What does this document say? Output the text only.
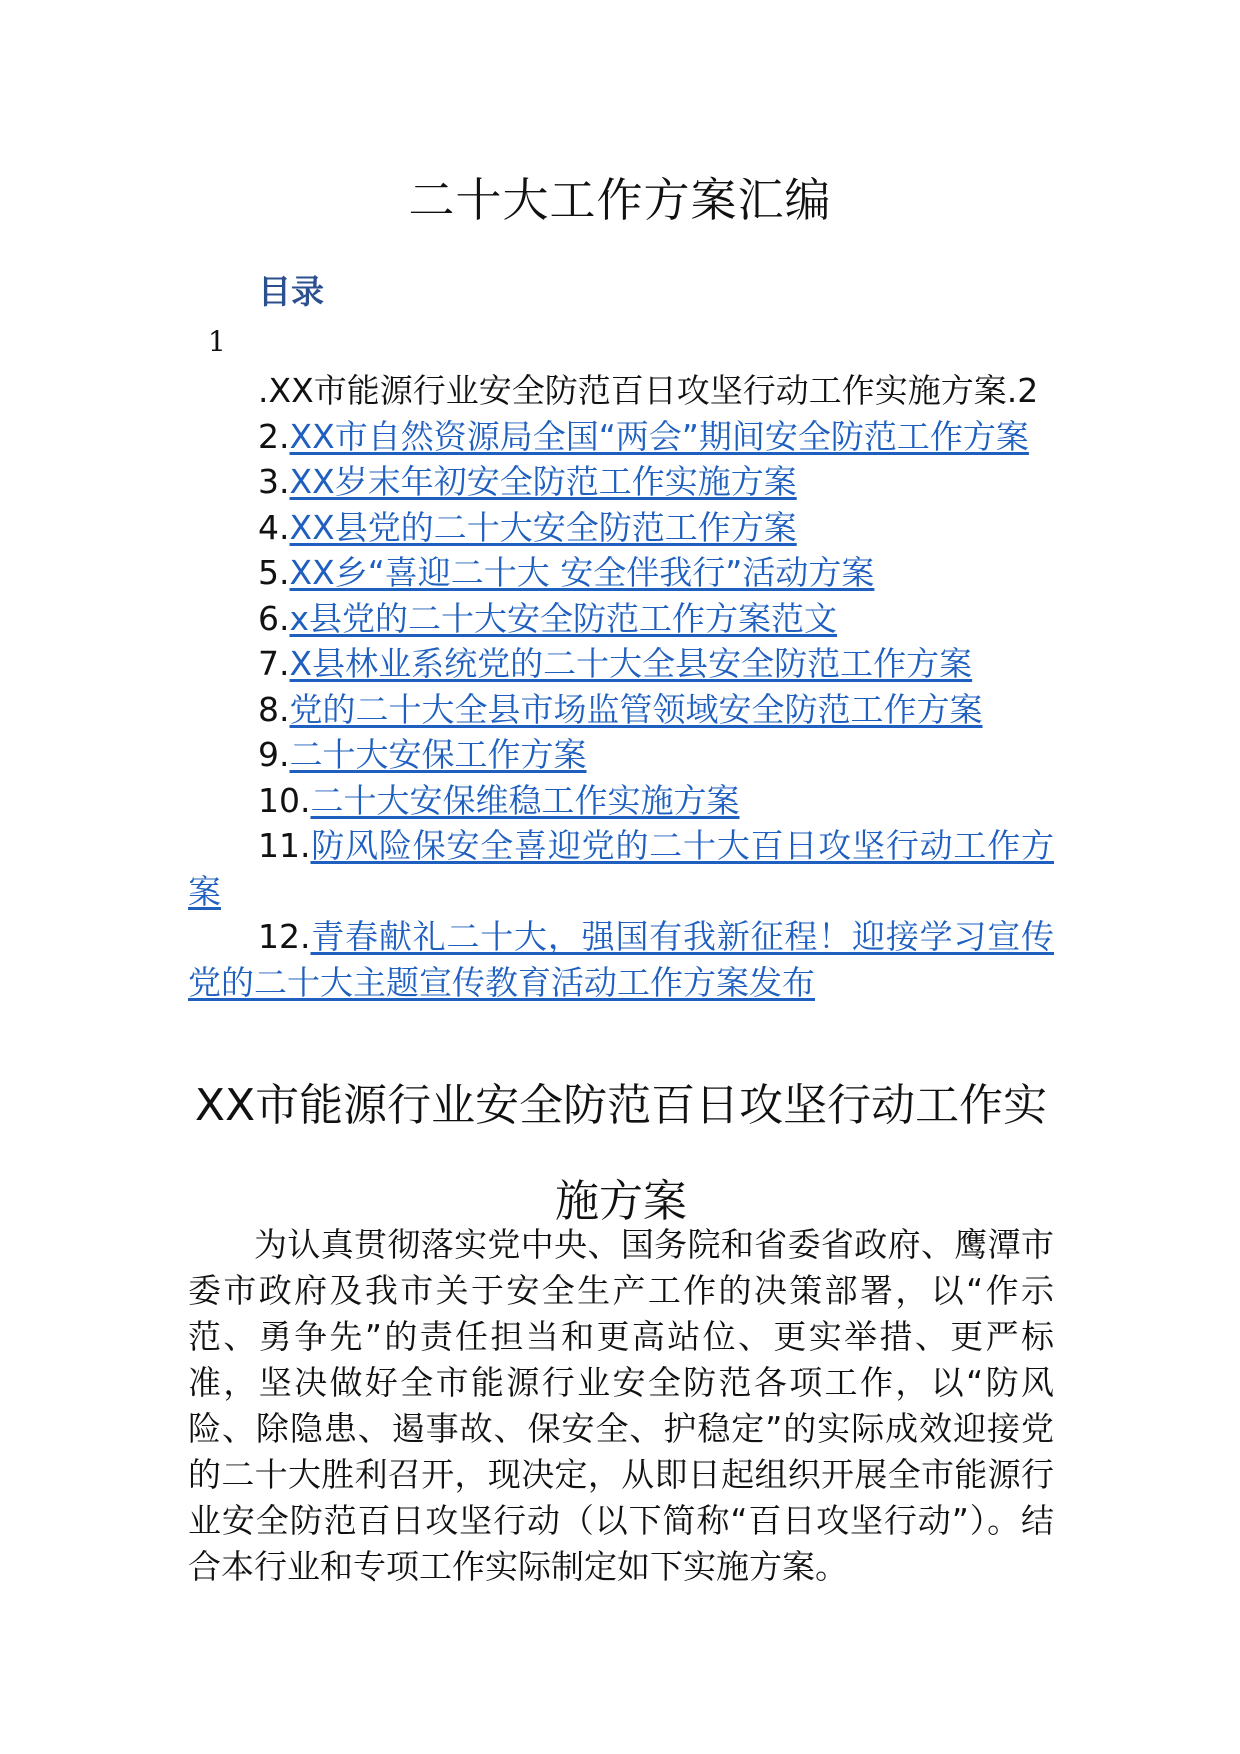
二十大工作方案汇编
目录
1

.XX市能源行业安全防范百日攻坚行动工作实施方案.2

2.XX市自然资源局全国“两会”期间安全防范工作方案

3.XX岁末年初安全防范工作实施方案

4.XX县党的二十大安全防范工作方案

5.XX乡“喜迎二十大 安全伴我行”活动方案

6.x县党的二十大安全防范工作方案范文

7.X县林业系统党的二十大全县安全防范工作方案

8.党的二十大全县市场监管领域安全防范工作方案

9.二十大安保工作方案

10.二十大安保维稳工作实施方案

11.防风险保安全喜迎党的二十大百日攻坚行动工作方案

12.青春献礼二十大，强国有我新征程！迎接学习宣传党的二十大主题宣传教育活动工作方案发布

XX市能源行业安全防范百日攻坚行动工作实施方案

为认真贯彻落实党中央、国务院和省委省政府、鹰潭市委市政府及我市关于安全生产工作的决策部署，以“作示范、勇争先”的责任担当和更高站位、更实举措、更严标准，坚决做好全市能源行业安全防范各项工作，以“防风险、除隐患、遏事故、保安全、护稳定”的实际成效迎接党的二十大胜利召开，现决定，从即日起组织开展全市能源行业安全防范百日攻坚行动（以下简称“百日攻坚行动”）。结合本行业和专项工作实际制定如下实施方案。
